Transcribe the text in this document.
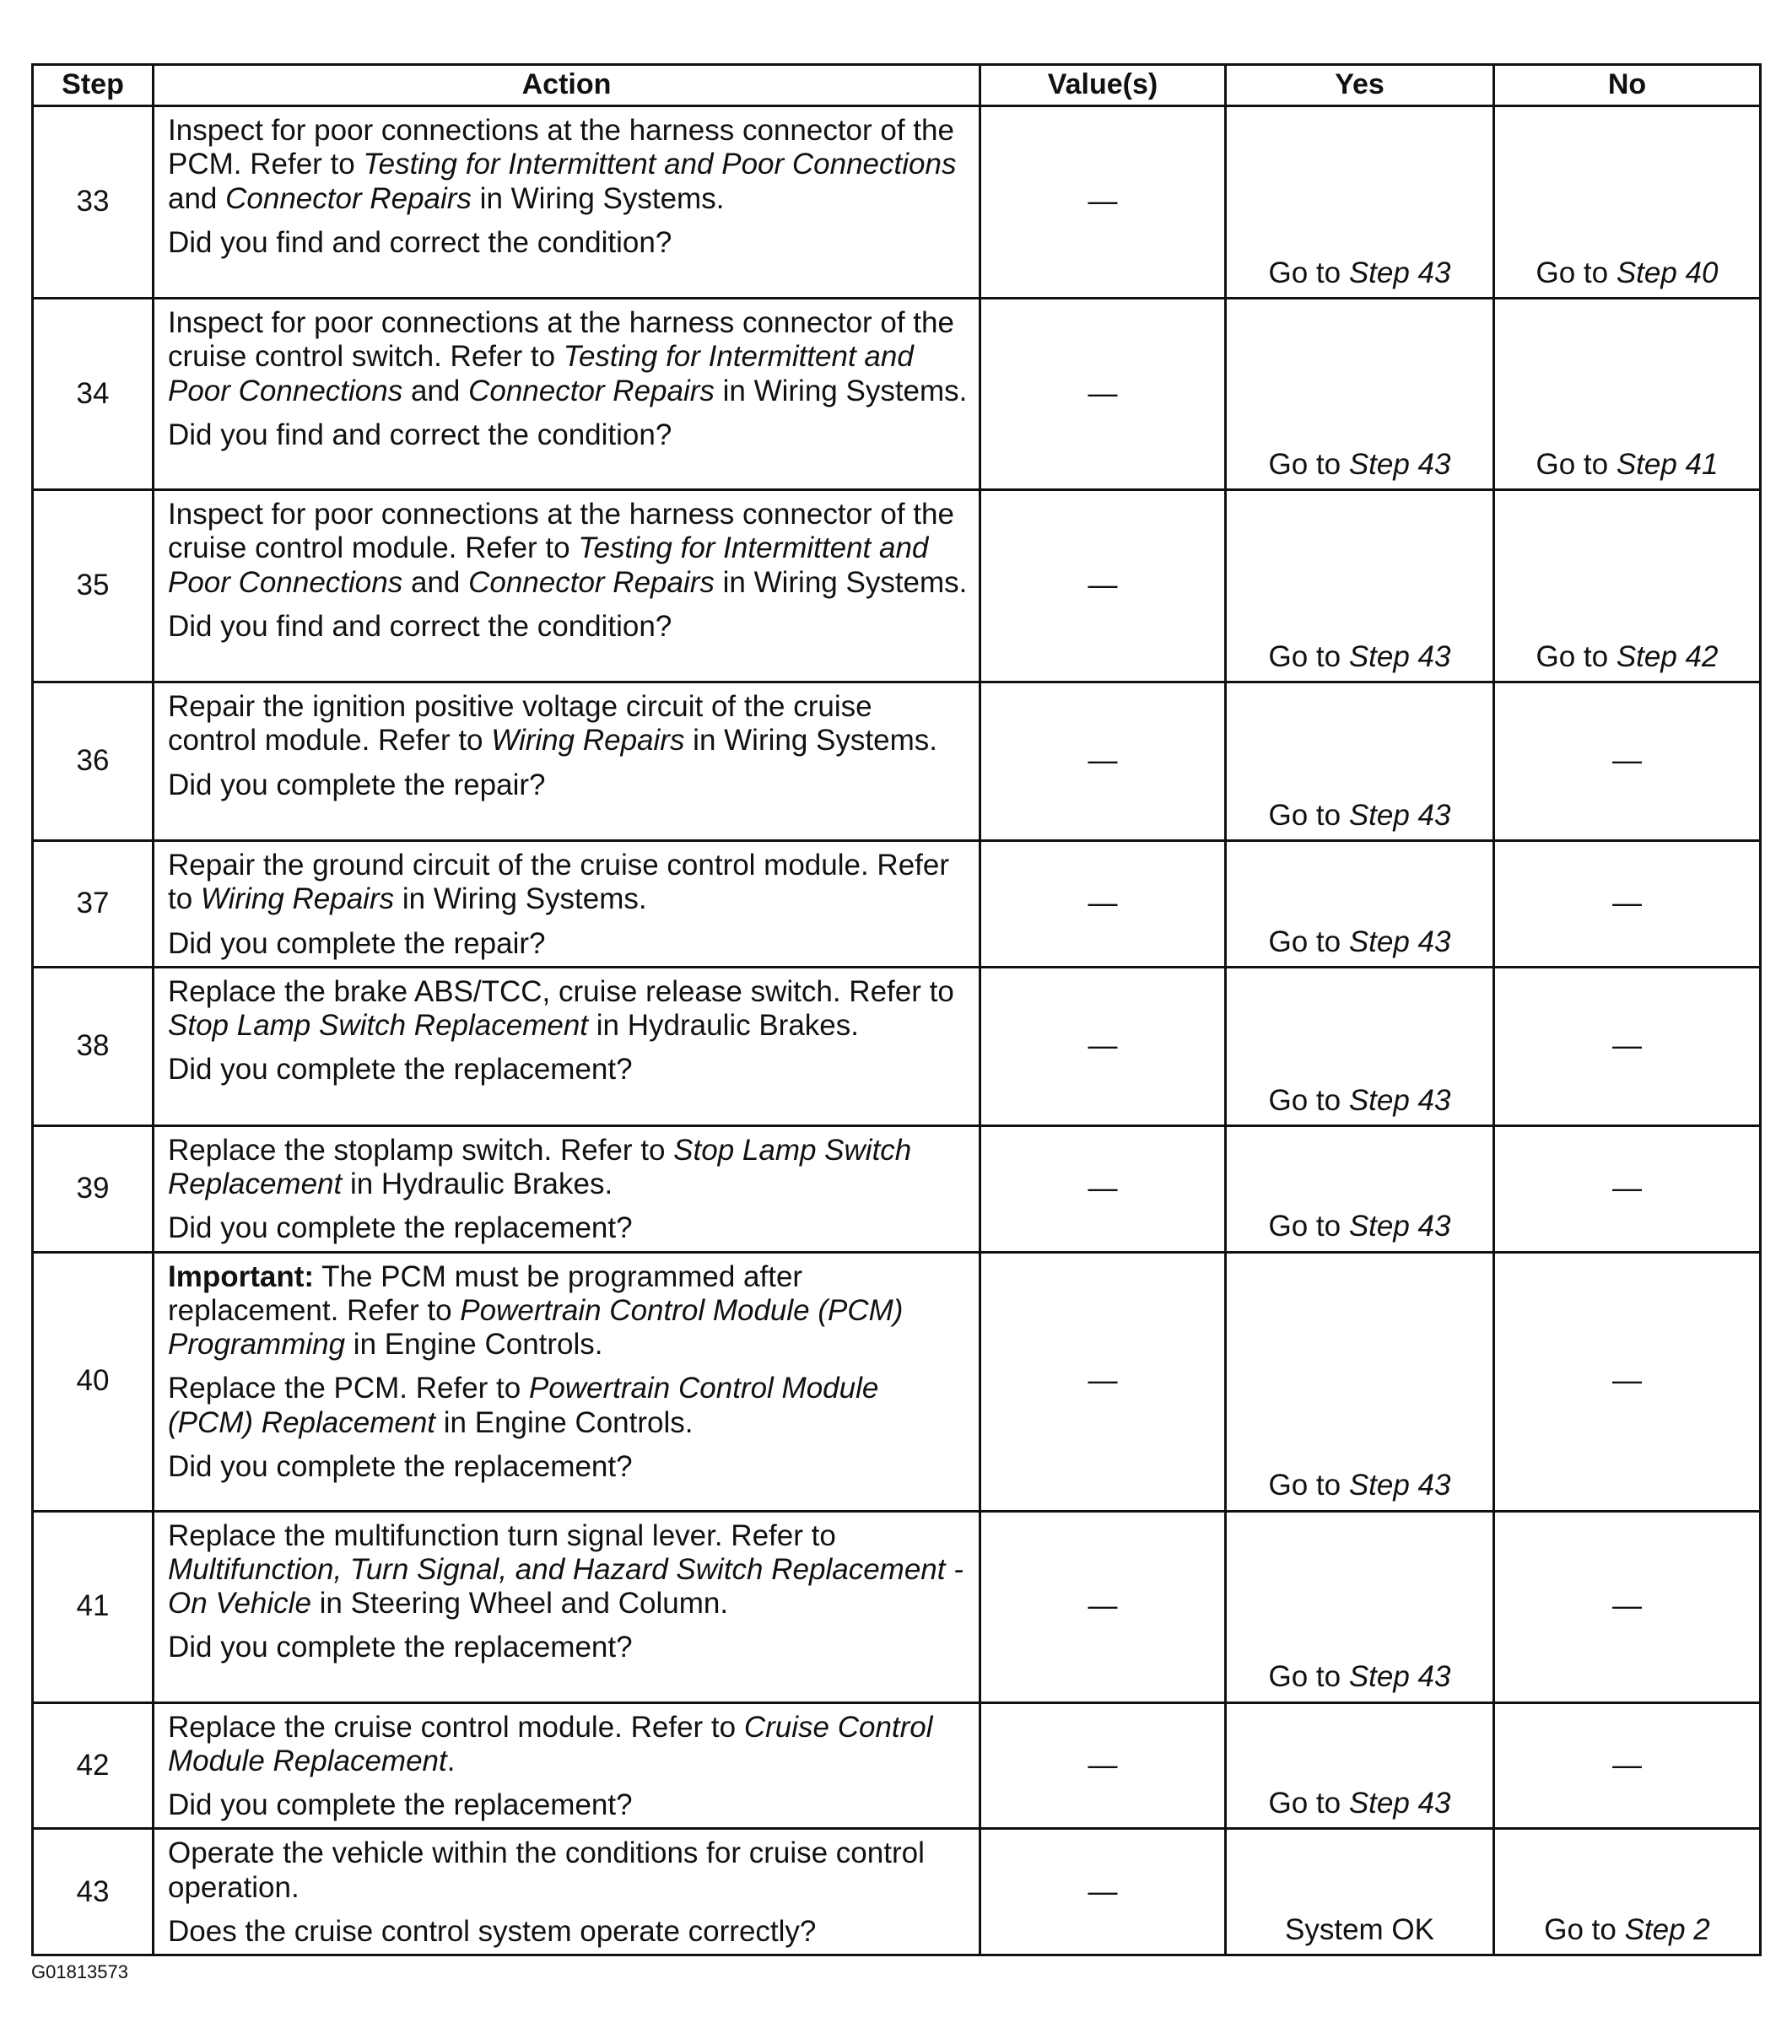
Step	Action	Value(s)	Yes	No
33	Inspect for poor connections at the harness connector of the PCM. Refer to Testing for Intermittent and Poor Connections and Connector Repairs in Wiring Systems.
Did you find and correct the condition?	—	Go to Step 43	Go to Step 40
34	Inspect for poor connections at the harness connector of the cruise control switch. Refer to Testing for Intermittent and Poor Connections and Connector Repairs in Wiring Systems.
Did you find and correct the condition?	—	Go to Step 43	Go to Step 41
35	Inspect for poor connections at the harness connector of the cruise control module. Refer to Testing for Intermittent and Poor Connections and Connector Repairs in Wiring Systems.
Did you find and correct the condition?	—	Go to Step 43	Go to Step 42
36	Repair the ignition positive voltage circuit of the cruise control module. Refer to Wiring Repairs in Wiring Systems.
Did you complete the repair?	—	Go to Step 43	—
37	Repair the ground circuit of the cruise control module. Refer to Wiring Repairs in Wiring Systems.
Did you complete the repair?	—	Go to Step 43	—
38	Replace the brake ABS/TCC, cruise release switch. Refer to Stop Lamp Switch Replacement in Hydraulic Brakes.
Did you complete the replacement?	—	Go to Step 43	—
39	Replace the stoplamp switch. Refer to Stop Lamp Switch Replacement in Hydraulic Brakes.
Did you complete the replacement?	—	Go to Step 43	—
40	Important: The PCM must be programmed after replacement. Refer to Powertrain Control Module (PCM) Programming in Engine Controls.
Replace the PCM. Refer to Powertrain Control Module (PCM) Replacement in Engine Controls.
Did you complete the replacement?	—	Go to Step 43	—
41	Replace the multifunction turn signal lever. Refer to Multifunction, Turn Signal, and Hazard Switch Replacement - On Vehicle in Steering Wheel and Column.
Did you complete the replacement?	—	Go to Step 43	—
42	Replace the cruise control module. Refer to Cruise Control Module Replacement.
Did you complete the replacement?	—	Go to Step 43	—
43	Operate the vehicle within the conditions for cruise control operation.
Does the cruise control system operate correctly?	—	System OK	Go to Step 2
G01813573
